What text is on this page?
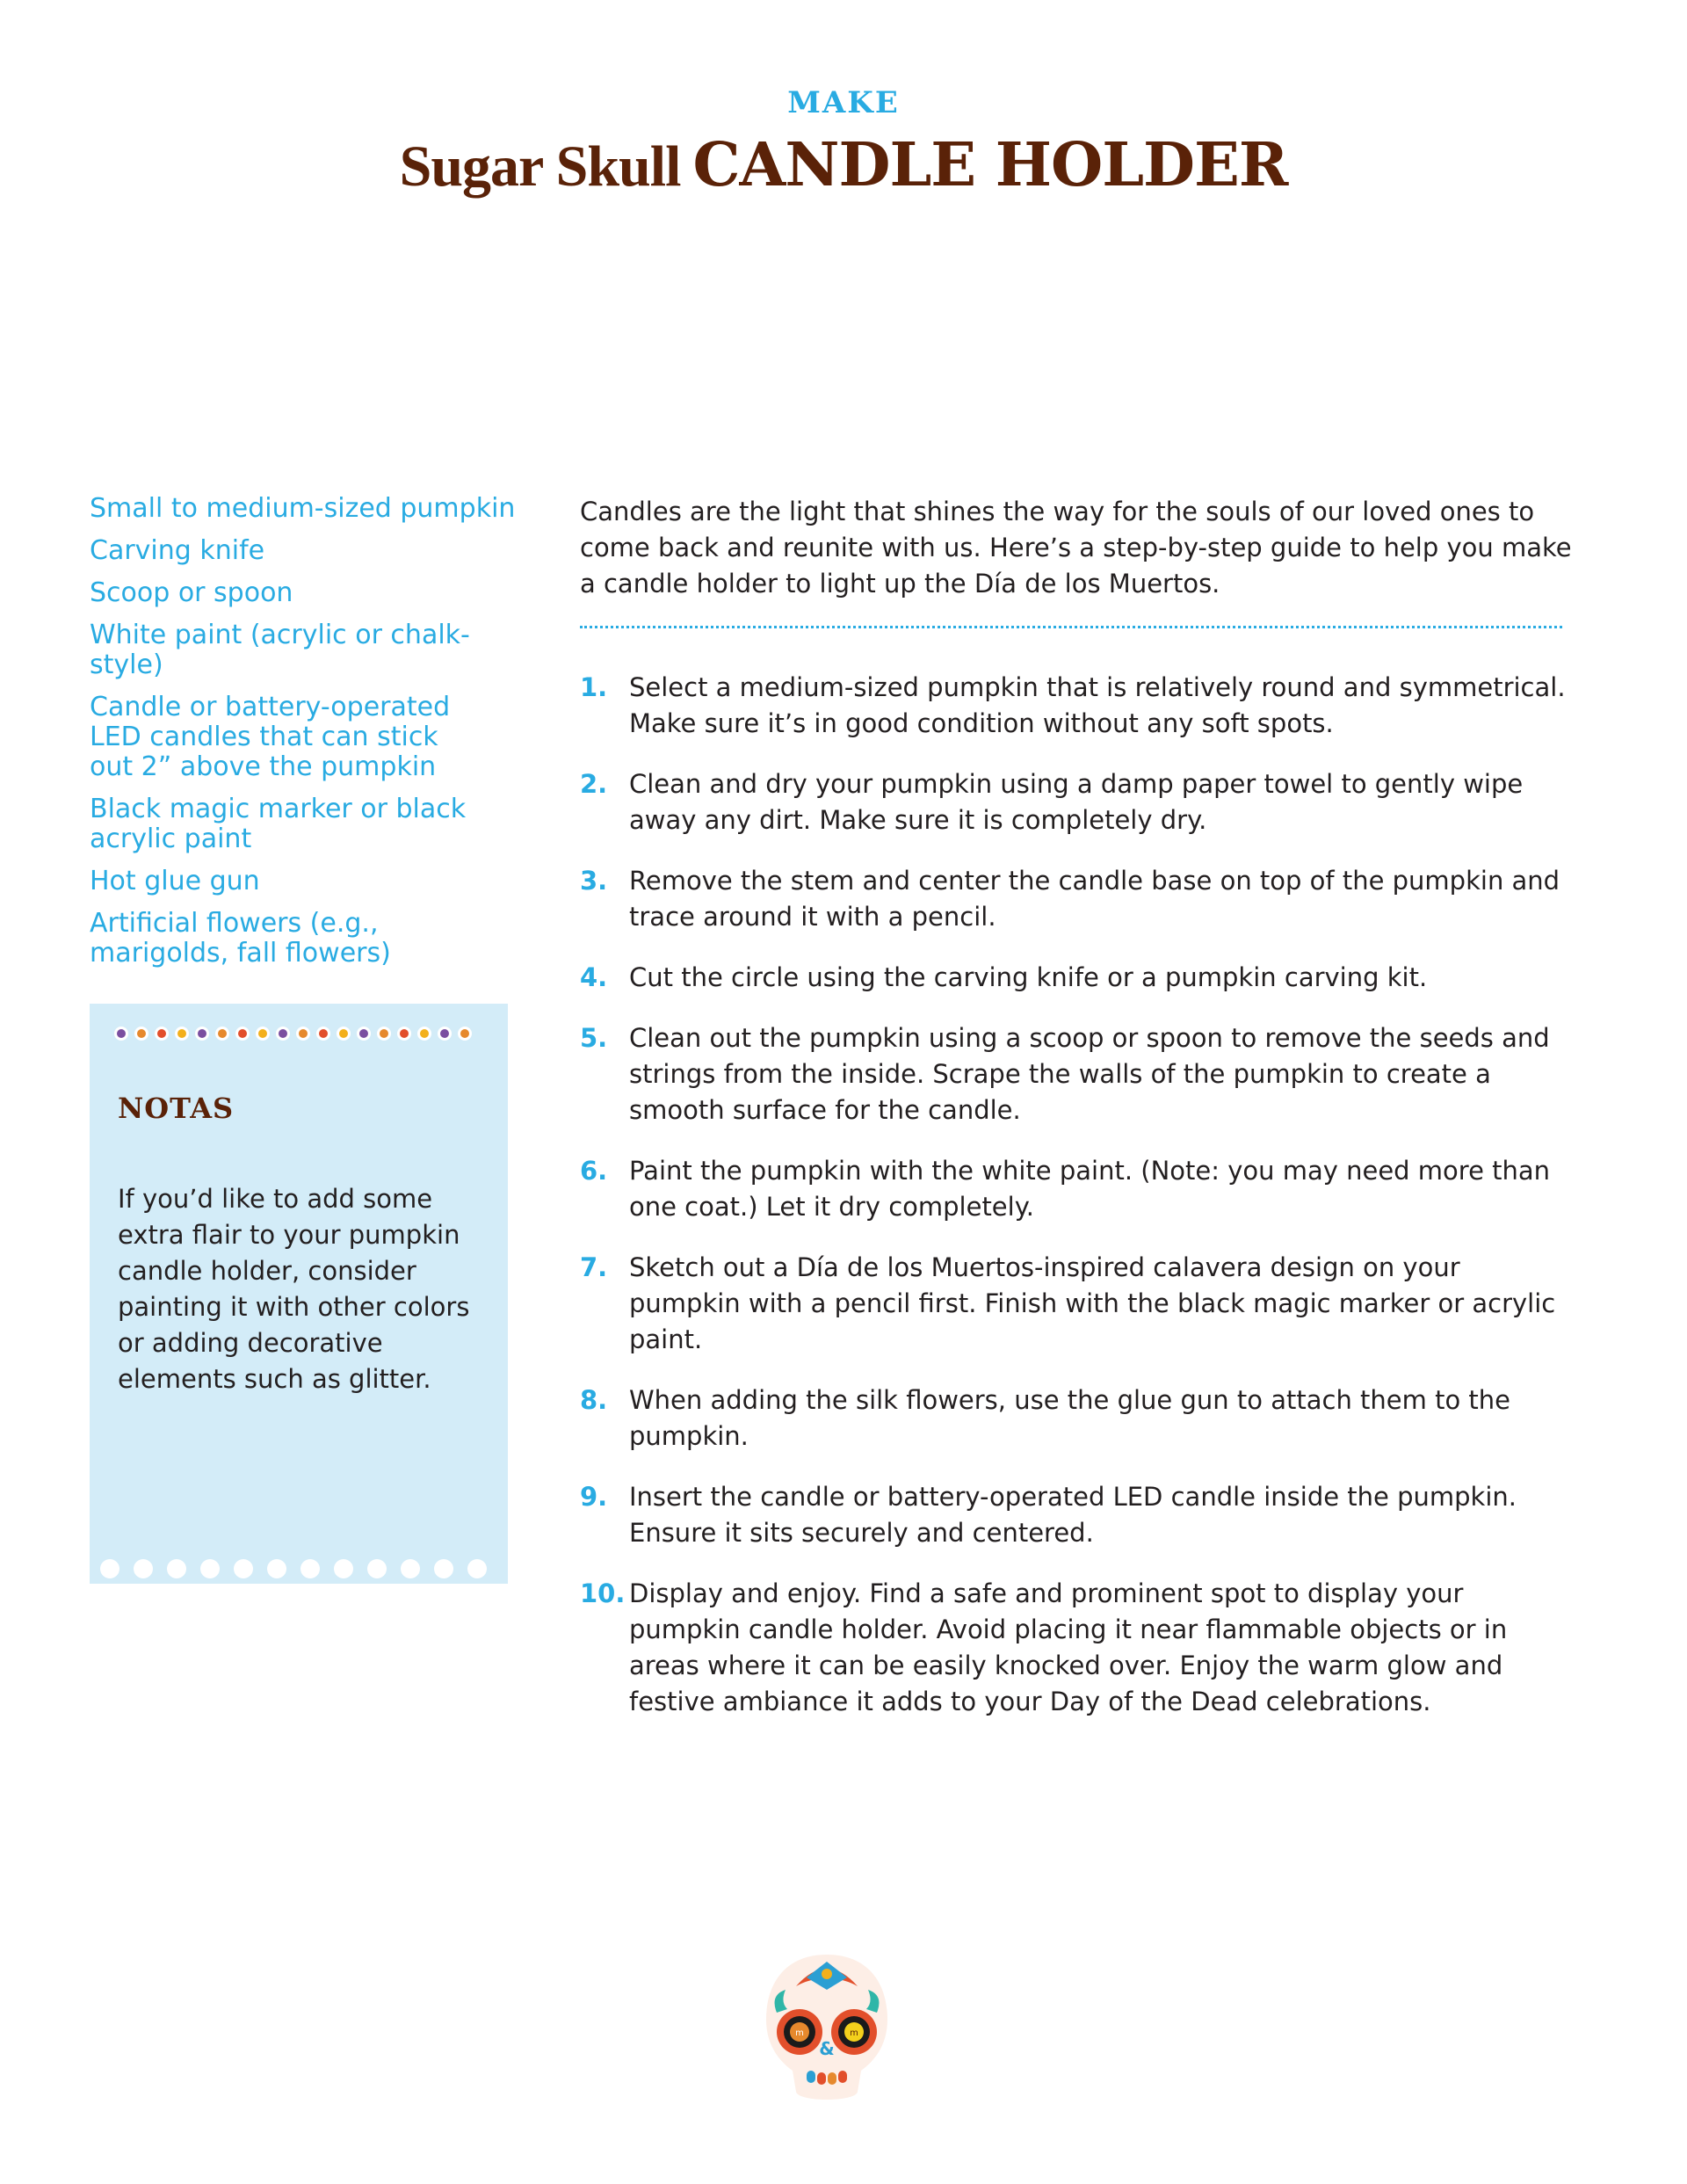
MAKE
Sugar Skull CANDLE HOLDER
Small to medium-sized pumpkin
Carving knife
Scoop or spoon
White paint (acrylic or chalk-style)
Candle or battery-operated LED candles that can stick out 2” above the pumpkin
Black magic marker or black acrylic paint
Hot glue gun
Artificial flowers (e.g., marigolds, fall flowers)
NOTAS
If you’d like to add some extra flair to your pumpkin candle holder, consider painting it with other colors or adding decorative elements such as glitter.

Candles are the light that shines the way for the souls of our loved ones to come back and reunite with us. Here’s a step-by-step guide to help you make a candle holder to light up the Día de los Muertos.

1. Select a medium-sized pumpkin that is relatively round and symmetrical. Make sure it’s in good condition without any soft spots.
2. Clean and dry your pumpkin using a damp paper towel to gently wipe away any dirt. Make sure it is completely dry.
3. Remove the stem and center the candle base on top of the pumpkin and trace around it with a pencil.
4. Cut the circle using the carving knife or a pumpkin carving kit.
5. Clean out the pumpkin using a scoop or spoon to remove the seeds and strings from the inside. Scrape the walls of the pumpkin to create a smooth surface for the candle.
6. Paint the pumpkin with the white paint. (Note: you may need more than one coat.) Let it dry completely.
7. Sketch out a Día de los Muertos-inspired calavera design on your pumpkin with a pencil first. Finish with the black magic marker or acrylic paint.
8. When adding the silk flowers, use the glue gun to attach them to the pumpkin.
9. Insert the candle or battery-operated LED candle inside the pumpkin. Ensure it sits securely and centered.
10. Display and enjoy. Find a safe and prominent spot to display your pumpkin candle holder. Avoid placing it near flammable objects or in areas where it can be easily knocked over. Enjoy the warm glow and festive ambiance it adds to your Day of the Dead celebrations.
m	m
&
